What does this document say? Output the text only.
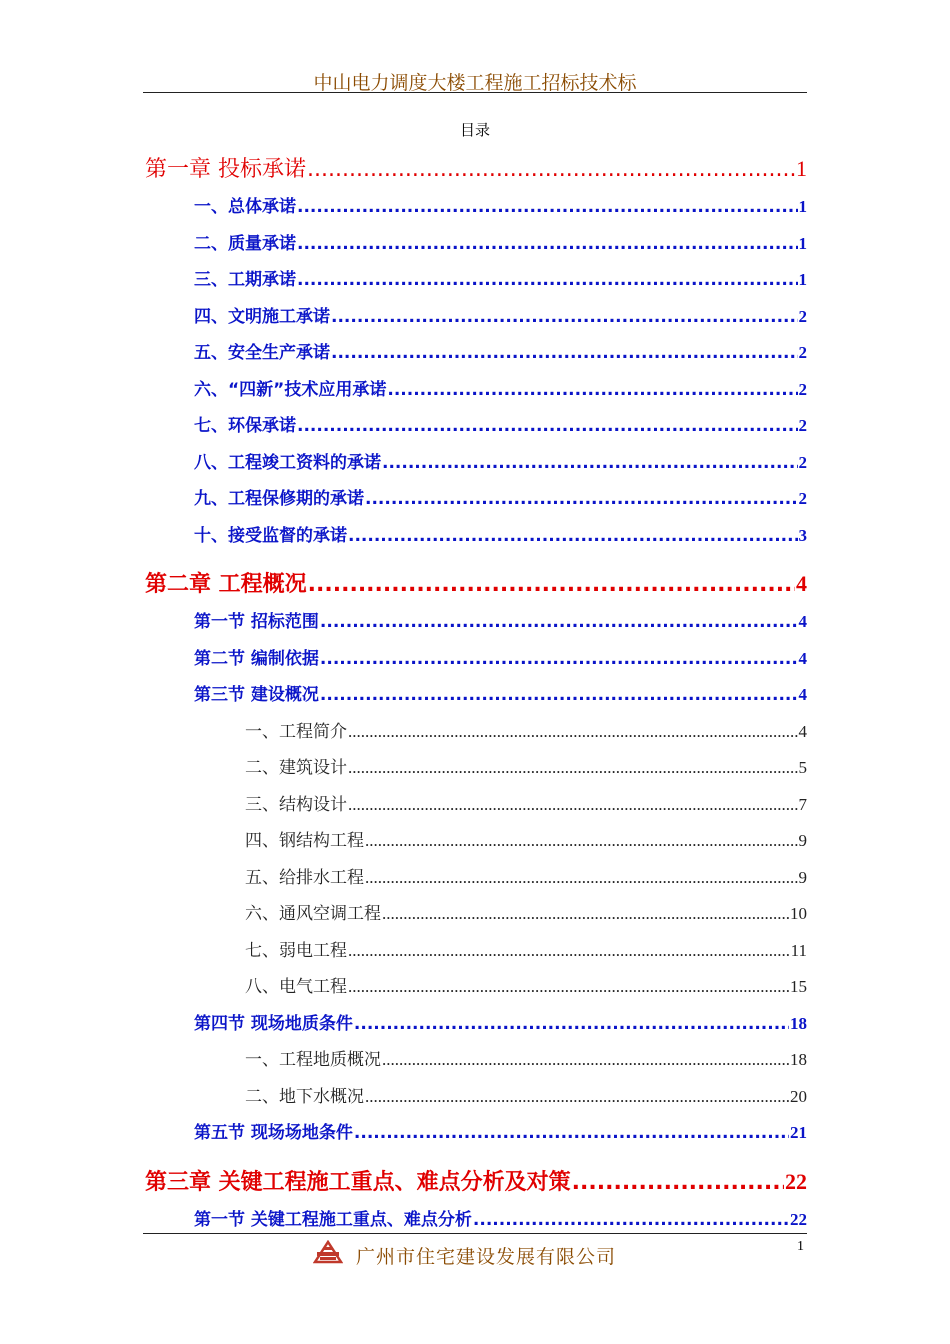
中山电力调度大楼工程施工招标技术标
目录
第一章 投标承诺 .....	1
一、总体承诺 .....	1
二、质量承诺 .....	1
三、工期承诺 .....	1
四、文明施工承诺 .....	2
五、安全生产承诺 .....	2
六、“四新”技术应用承诺 .....	2
七、环保承诺 .....	2
八、工程竣工资料的承诺 .....	2
九、工程保修期的承诺 .....	2
十、接受监督的承诺 .....	3
第二章 工程概况 .....	4
第一节 招标范围 .....	4
第二节 编制依据 .....	4
第三节 建设概况 .....	4
一、工程简介 .....	4
二、建筑设计 .....	5
三、结构设计 .....	7
四、钢结构工程 .....	9
五、给排水工程 .....	9
六、通风空调工程 .....	10
七、弱电工程 .....	11
八、电气工程 .....	15
第四节 现场地质条件 .....	18
一、工程地质概况 .....	18
二、地下水概况 .....	20
第五节 现场场地条件 .....	21
第三章 关键工程施工重点、难点分析及对策 .....	22
第一节 关键工程施工重点、难点分析 .....	22
广州市住宅建设发展有限公司	1
